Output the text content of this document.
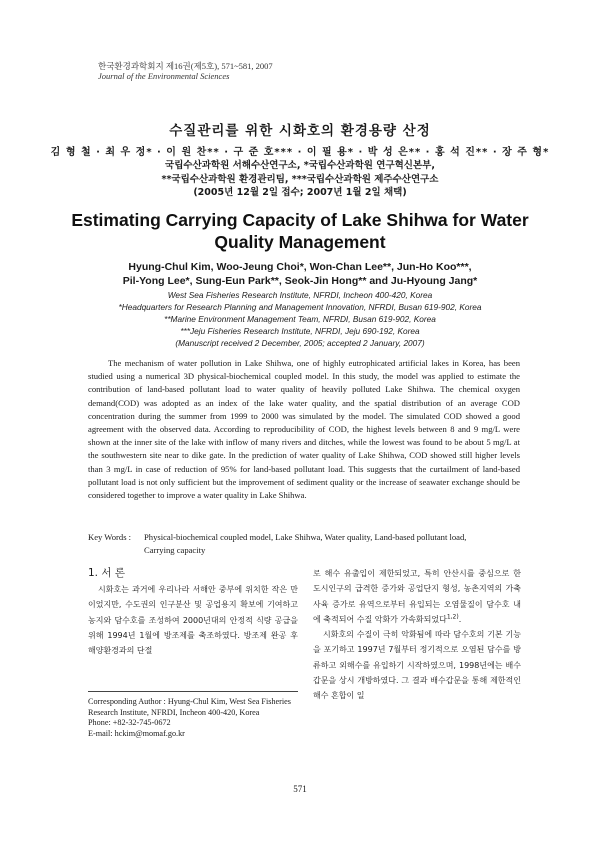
한국환경과학회지 제16권(제5호), 571~581, 2007
Journal of the Environmental Sciences
수질관리를 위한 시화호의 환경용량 산정
김 형 철 · 최 우 정* · 이 원 찬** · 구 준 호*** · 이 필 용* · 박 성 은** · 홍 석 진** · 장 주 형*
국립수산과학원 서해수산연구소, *국립수산과학원 연구혁신본부,
**국립수산과학원 환경관리팀, ***국립수산과학원 제주수산연구소
(2005년 12월 2일 접수; 2007년 1월 2일 채택)
Estimating Carrying Capacity of Lake Shihwa for Water
Quality Management
Hyung-Chul Kim, Woo-Jeung Choi*, Won-Chan Lee**, Jun-Ho Koo***,
Pil-Yong Lee*, Sung-Eun Park**, Seok-Jin Hong** and Ju-Hyoung Jang*
West Sea Fisheries Research Institute, NFRDI, Incheon 400-420, Korea
*Headquarters for Research Planning and Management Innovation, NFRDI, Busan 619-902, Korea
**Marine Environment Management Team, NFRDI, Busan 619-902, Korea
***Jeju Fisheries Research Institute, NFRDI, Jeju 690-192, Korea
(Manuscript received 2 December, 2005; accepted 2 January, 2007)
The mechanism of water pollution in Lake Shihwa, one of highly eutrophicated artificial lakes in Korea, has been studied using a numerical 3D physical-biochemical coupled model. In this study, the model was applied to estimate the contribution of land-based pollutant load to water quality of heavily polluted Lake Shihwa. The chemical oxygen demand(COD) was adopted as an index of the lake water quality, and the spatial distribution of an average COD concentration during the summer from 1999 to 2000 was simulated by the model. The simulated COD showed a good agreement with the observed data. According to reproducibility of COD, the highest levels between 8 and 9 mg/L were shown at the inner site of the lake with inflow of many rivers and ditches, while the lowest was found to be about 5 mg/L at the southwestern site near to dike gate. In the prediction of water quality of Lake Shihwa, COD showed still higher levels than 3 mg/L in case of reduction of 95% for land-based pollutant load. This suggests that the curtailment of land-based pollutant load is not only sufficient but the improvement of sediment quality or the increase of seawater exchange should be considered together to improve a water quality in Lake Shihwa.
Key Words : Physical-biochemical coupled model, Lake Shihwa, Water quality, Land-based pollutant load,
Carrying capacity
1. 서 론

시화호는 과거에 우리나라 서해안 중부에 위치한 작은 만이었지만, 수도권의 인구분산 및 공업용지 확보에 기여하고 농지와 담수호를 조성하여 2000년대의 안정적 식량 공급을 위해 1994년 1월에 방조제를 축조하였다. 방조제 완공 후 해양환경과의 단절

로 해수 유출입이 제한되었고, 특히 안산시를 중심으로 한 도시인구의 급격한 증가와 공업단지 형성, 농촌지역의 가축사육 증가로 유역으로부터 유입되는 오염물질이 담수호 내에 축적되어 수질 악화가 가속화되었다$^{1,2)}$.

시화호의 수질이 극히 악화됨에 따라 담수호의 기본 기능을 포기하고 1997년 7월부터 정기적으로 오염된 담수를 방류하고 외해수를 유입하기 시작하였으며, 1998년에는 배수갑문을 상시 개방하였다. 그 결과 배수갑문을 통해 제한적인 해수 혼합이 일

Corresponding Author : Hyung-Chul Kim, West Sea Fisheries
Research Institute, NFRDI, Incheon 400-420, Korea
Phone: +82-32-745-0672
E-mail: hckim@momaf.go.kr
571
